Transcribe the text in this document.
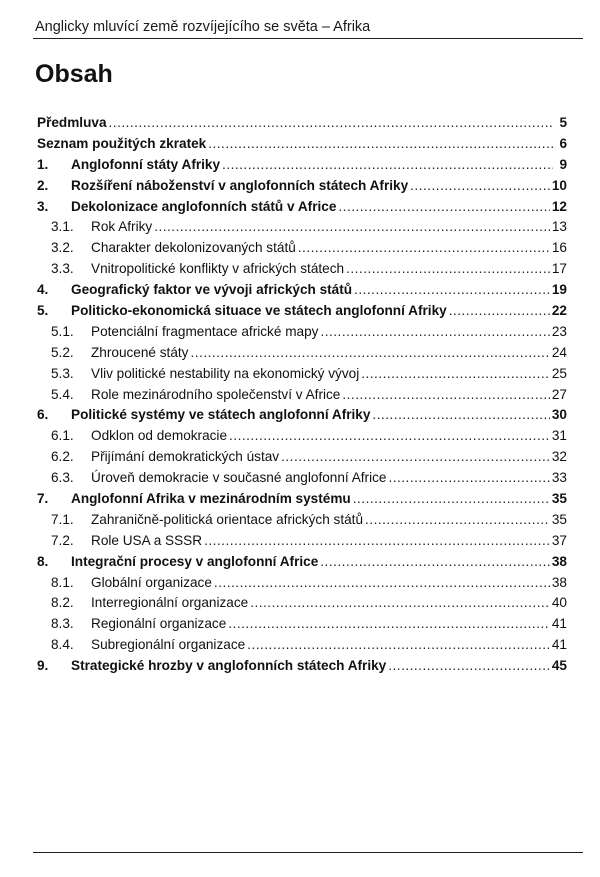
Anglicky mluvící země rozvíjejícího se světa – Afrika
Obsah
Předmluva .....	5
Seznam použitých zkratek .....	6
1.	Anglofonní státy Afriky .....	9
2.	Rozšíření náboženství v anglofonních státech Afriky .....	10
3.	Dekolonizace anglofonních států v Africe .....	12
3.1.	Rok Afriky .....	13
3.2.	Charakter dekolonizovaných států .....	16
3.3.	Vnitropolitické konflikty v afrických státech .....	17
4.	Geografický faktor ve vývoji afrických států .....	19
5.	Politicko-ekonomická situace ve státech anglofonní Afriky .....	22
5.1.	Potenciální fragmentace africké mapy .....	23
5.2.	Zhroucené státy .....	24
5.3.	Vliv politické nestability na ekonomický vývoj .....	25
5.4.	Role mezinárodního společenství v Africe .....	27
6.	Politické systémy ve státech anglofonní Afriky .....	30
6.1.	Odklon od demokracie .....	31
6.2.	Přijímání demokratických ústav .....	32
6.3.	Úroveň demokracie v současné anglofonní Africe .....	33
7.	Anglofonní Afrika v mezinárodním systému .....	35
7.1.	Zahraničně-politická orientace afrických států .....	35
7.2.	Role USA a SSSR .....	37
8.	Integrační procesy v anglofonní Africe .....	38
8.1.	Globální organizace .....	38
8.2.	Interregionální organizace .....	40
8.3.	Regionální organizace .....	41
8.4.	Subregionální organizace .....	41
9.	Strategické hrozby v anglofonních státech Afriky .....	45
